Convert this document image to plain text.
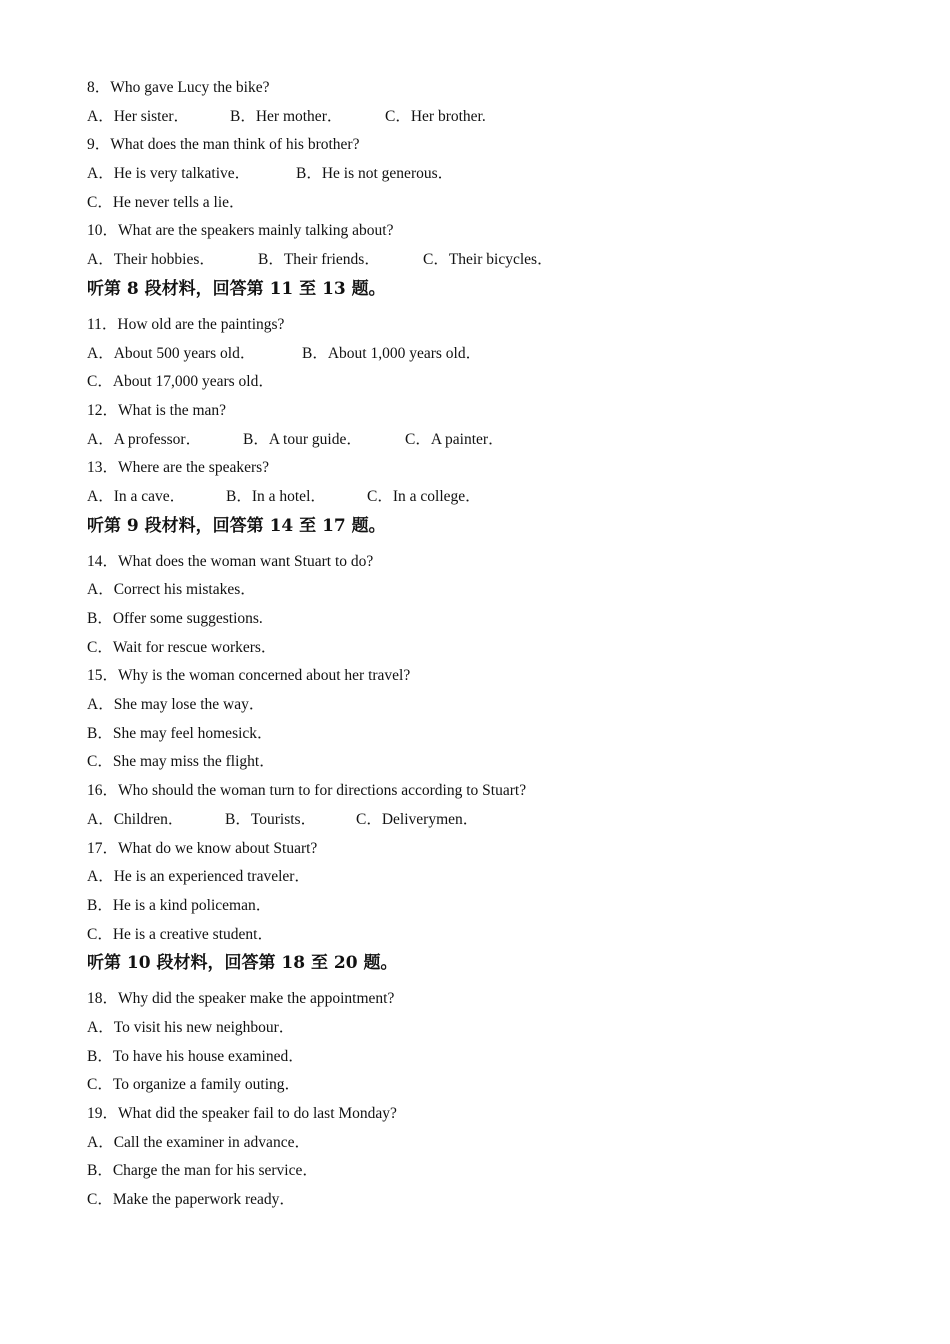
8．Who gave Lucy the bike?
A．Her sister．	B．Her mother．	C．Her brother.
9．What does the man think of his brother?
A．He is very talkative．	B．He is not generous．
C．He never tells a lie．
10．What are the speakers mainly talking about?
A．Their hobbies．	B．Their friends．	C．Their bicycles．
听第 8 段材料，回答第 11 至 13 题。
11．How old are the paintings?
A．About 500 years old．	B．About 1,000 years old．
C．About 17,000 years old．
12．What is the man?
A．A professor．	B．A tour guide．	C．A painter．
13．Where are the speakers?
A．In a cave．	B．In a hotel．	C．In a college．
听第 9 段材料，回答第 14 至 17 题。
14．What does the woman want Stuart to do?
A．Correct his mistakes．
B．Offer some suggestions.
C．Wait for rescue workers．
15．Why is the woman concerned about her travel?
A．She may lose the way．
B．She may feel homesick．
C．She may miss the flight．
16．Who should the woman turn to for directions according to Stuart?
A．Children．	B．Tourists．	C．Deliverymen．
17．What do we know about Stuart?
A．He is an experienced traveler．
B．He is a kind policeman．
C．He is a creative student．
听第 10 段材料，回答第 18 至 20 题。
18．Why did the speaker make the appointment?
A．To visit his new neighbour．
B．To have his house examined．
C．To organize a family outing．
19．What did the speaker fail to do last Monday?
A．Call the examiner in advance．
B．Charge the man for his service．
C．Make the paperwork ready．
